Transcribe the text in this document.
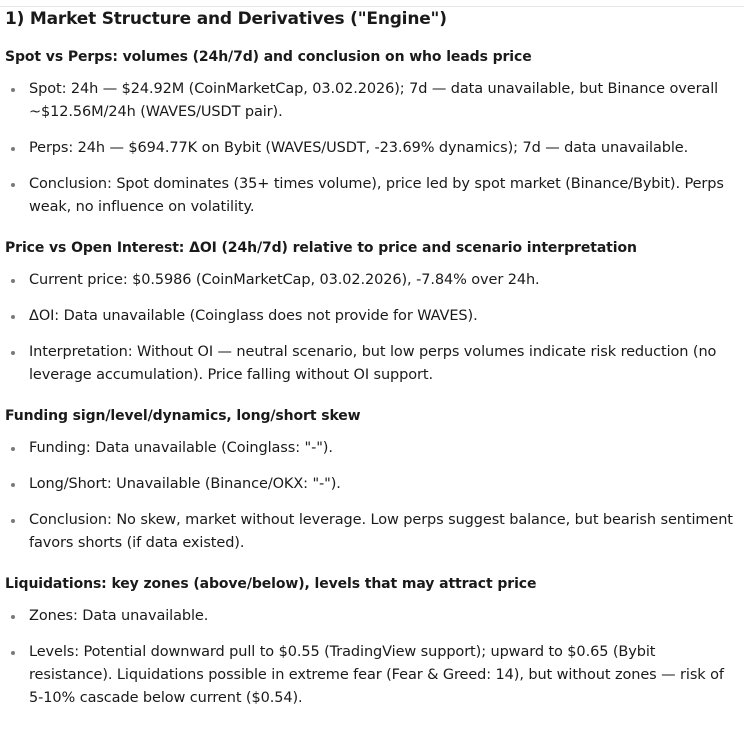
1) Market Structure and Derivatives ("Engine")
Spot vs Perps: volumes (24h/7d) and conclusion on who leads price
Spot: 24h — $24.92M (CoinMarketCap, 03.02.2026); 7d — data unavailable, but Binance overall ~$12.56M/24h (WAVES/USDT pair).
Perps: 24h — $694.77K on Bybit (WAVES/USDT, -23.69% dynamics); 7d — data unavailable.
Conclusion: Spot dominates (35+ times volume), price led by spot market (Binance/Bybit). Perps weak, no influence on volatility.
Price vs Open Interest: ΔOI (24h/7d) relative to price and scenario interpretation
Current price: $0.5986 (CoinMarketCap, 03.02.2026), -7.84% over 24h.
ΔOI: Data unavailable (Coinglass does not provide for WAVES).
Interpretation: Without OI — neutral scenario, but low perps volumes indicate risk reduction (no leverage accumulation). Price falling without OI support.
Funding sign/level/dynamics, long/short skew
Funding: Data unavailable (Coinglass: "-").
Long/Short: Unavailable (Binance/OKX: "-").
Conclusion: No skew, market without leverage. Low perps suggest balance, but bearish sentiment favors shorts (if data existed).
Liquidations: key zones (above/below), levels that may attract price
Zones: Data unavailable.
Levels: Potential downward pull to $0.55 (TradingView support); upward to $0.65 (Bybit resistance). Liquidations possible in extreme fear (Fear & Greed: 14), but without zones — risk of 5-10% cascade below current ($0.54).
